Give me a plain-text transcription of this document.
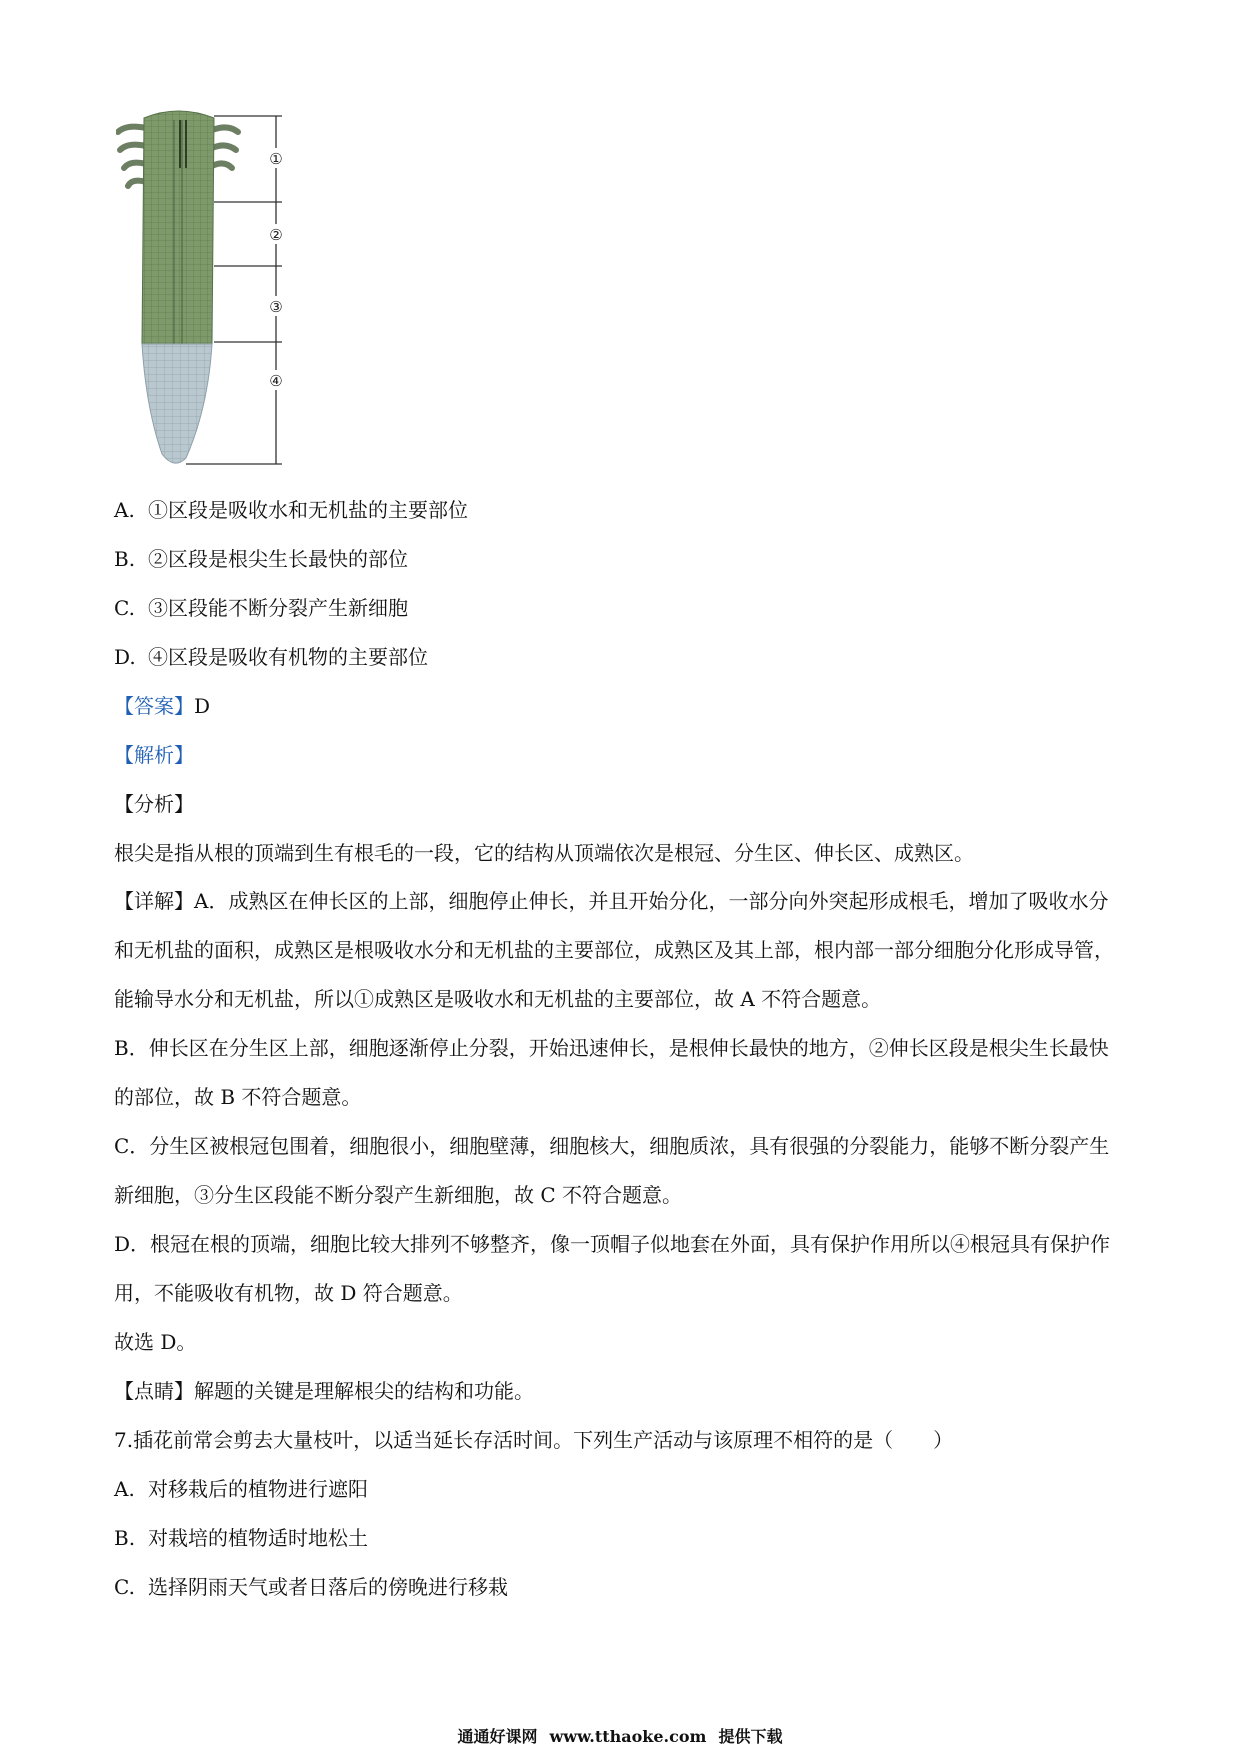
①
②
③
④
A. ①区段是吸收水和无机盐的主要部位
B. ②区段是根尖生长最快的部位
C. ③区段能不断分裂产生新细胞
D. ④区段是吸收有机物的主要部位
【答案】D
【解析】
【分析】
根尖是指从根的顶端到生有根毛的一段，它的结构从顶端依次是根冠、分生区、伸长区、成熟区。
【详解】A．成熟区在伸长区的上部，细胞停止伸长，并且开始分化，一部分向外突起形成根毛，增加了吸收水分和无机盐的面积，成熟区是根吸收水分和无机盐的主要部位，成熟区及其上部，根内部一部分细胞分化形成导管，能输导水分和无机盐，所以①成熟区是吸收水和无机盐的主要部位，故 A 不符合题意。
B．伸长区在分生区上部，细胞逐渐停止分裂，开始迅速伸长，是根伸长最快的地方，②伸长区段是根尖生长最快的部位，故 B 不符合题意。
C．分生区被根冠包围着，细胞很小，细胞壁薄，细胞核大，细胞质浓，具有很强的分裂能力，能够不断分裂产生新细胞，③分生区段能不断分裂产生新细胞，故 C 不符合题意。
D．根冠在根的顶端，细胞比较大排列不够整齐，像一顶帽子似地套在外面，具有保护作用所以④根冠具有保护作用，不能吸收有机物，故 D 符合题意。
故选 D。
【点睛】解题的关键是理解根尖的结构和功能。
7.插花前常会剪去大量枝叶，以适当延长存活时间。下列生产活动与该原理不相符的是（　　）
A. 对移栽后的植物进行遮阳
B. 对栽培的植物适时地松土
C. 选择阴雨天气或者日落后的傍晚进行移栽
通通好课网 www.tthaoke.com 提供下载
